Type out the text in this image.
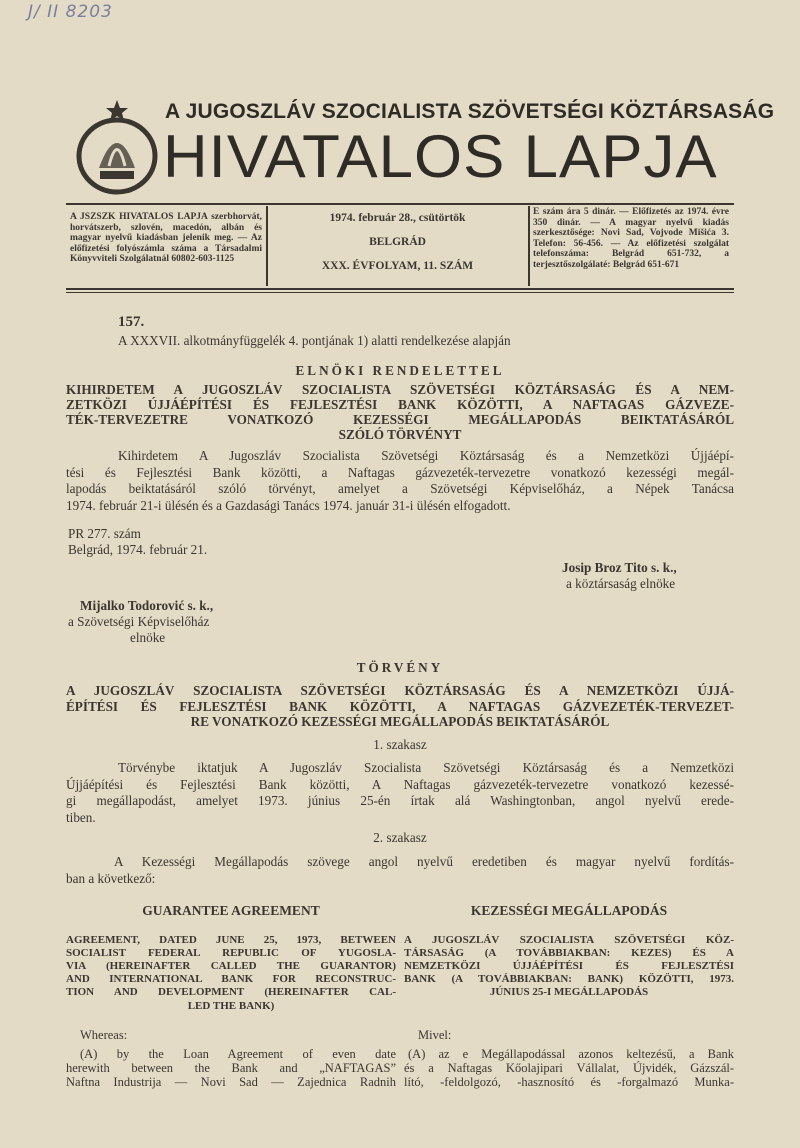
J/ II 8203
A JUGOSZLÁV SZOCIALISTA SZÖVETSÉGI KÖZTÁRSASÁG
HIVATALOS LAPJA
A JSZSZK HIVATALOS LAPJA szerbhorvát, horvátszerb, szlovén, macedón, albán és magyar nyelvű kiadásban jelenik meg. — Az előfizetési folyószámla száma a Társadalmi Könyvviteli Szolgálatnál 60802-603-1125
1974. február 28., csütörtök
BELGRÁD
XXX. ÉVFOLYAM, 11. SZÁM
E szám ára 5 dinár. — Előfizetés az 1974. évre 350 dinár. — A magyar nyelvű kiadás szerkesztősége: Novi Sad, Vojvode Mišića 3. Telefon: 56-456. — Az előfizetési szolgálat telefonszáma: Belgrád 651-732, a terjesztőszolgálaté: Belgrád 651-671
157.
A XXXVII. alkotmányfüggelék 4. pontjának 1) alatti rendelkezése alapján
ELNÖKI RENDELETTEL
KIHIRDETEM A JUGOSZLÁV SZOCIALISTA SZÖVETSÉGI KÖZTÁRSASÁG ÉS A NEM-
ZETKÖZI ÚJJÁÉPÍTÉSI ÉS FEJLESZTÉSI BANK KÖZÖTTI, A NAFTAGAS GÁZVEZE-
TÉK-TERVEZETRE VONATKOZÓ KEZESSÉGI MEGÁLLAPODÁS BEIKTATÁSÁRÓL
SZÓLÓ TÖRVÉNYT
Kihirdetem A Jugoszláv Szocialista Szövetségi Köztársaság és a Nemzetközi Újjáépí-
tési és Fejlesztési Bank közötti, a Naftagas gázvezeték-tervezetre vonatkozó kezességi megál-
lapodás beiktatásáról szóló törvényt, amelyet a Szövetségi Képviselőház, a Népek Tanácsa
1974. február 21-i ülésén és a Gazdasági Tanács 1974. január 31-i ülésén elfogadott.
PR 277. szám
Belgrád, 1974. február 21.
Josip Broz Tito s. k.,
a köztársaság elnöke
Mijalko Todorović s. k.,
a Szövetségi Képviselőház
elnöke
TÖRVÉNY
A JUGOSZLÁV SZOCIALISTA SZÖVETSÉGI KÖZTÁRSASÁG ÉS A NEMZETKÖZI ÚJJÁ-
ÉPÍTÉSI ÉS FEJLESZTÉSI BANK KÖZÖTTI, A NAFTAGAS GÁZVEZETÉK-TERVEZET-
RE VONATKOZÓ KEZESSÉGI MEGÁLLAPODÁS BEIKTATÁSÁRÓL
1. szakasz
Törvénybe iktatjuk A Jugoszláv Szocialista Szövetségi Köztársaság és a Nemzetközi
Újjáépítési és Fejlesztési Bank közötti, A Naftagas gázvezeték-tervezetre vonatkozó kezessé-
gi megállapodást, amelyet 1973. június 25-én írtak alá Washingtonban, angol nyelvű erede-
tiben.
2. szakasz
A Kezességi Megállapodás szövege angol nyelvű eredetiben és magyar nyelvű fordítás-
ban a következő:
GUARANTEE AGREEMENT
AGREEMENT, DATED JUNE 25, 1973, BETWEEN
SOCIALIST FEDERAL REPUBLIC OF YUGOSLA-
VIA (HEREINAFTER CALLED THE GUARANTOR)
AND INTERNATIONAL BANK FOR RECONSTRUC-
TION AND DEVELOPMENT (HEREINAFTER CAL-
LED THE BANK)
Whereas:
(A) by the Loan Agreement of even date
herewith between the Bank and „NAFTAGAS”
Naftna Industrija — Novi Sad — Zajednica Radnih
KEZESSÉGI MEGÁLLAPODÁS
A JUGOSZLÁV SZOCIALISTA SZÖVETSÉGI KÖZ-
TÁRSASÁG (A TOVÁBBIAKBAN: KEZES) ÉS A
NEMZETKÖZI ÚJJÁÉPÍTÉSI ÉS FEJLESZTÉSI
BANK (A TOVÁBBIAKBAN: BANK) KÖZÖTTI, 1973.
JÚNIUS 25-I MEGÁLLAPODÁS
Mivel:
(A) az e Megállapodással azonos keltezésű, a Bank
és a Naftagas Kőolajipari Vállalat, Újvidék, Gázszál-
lító, -feldolgozó, -hasznosító és -forgalmazó Munka-
